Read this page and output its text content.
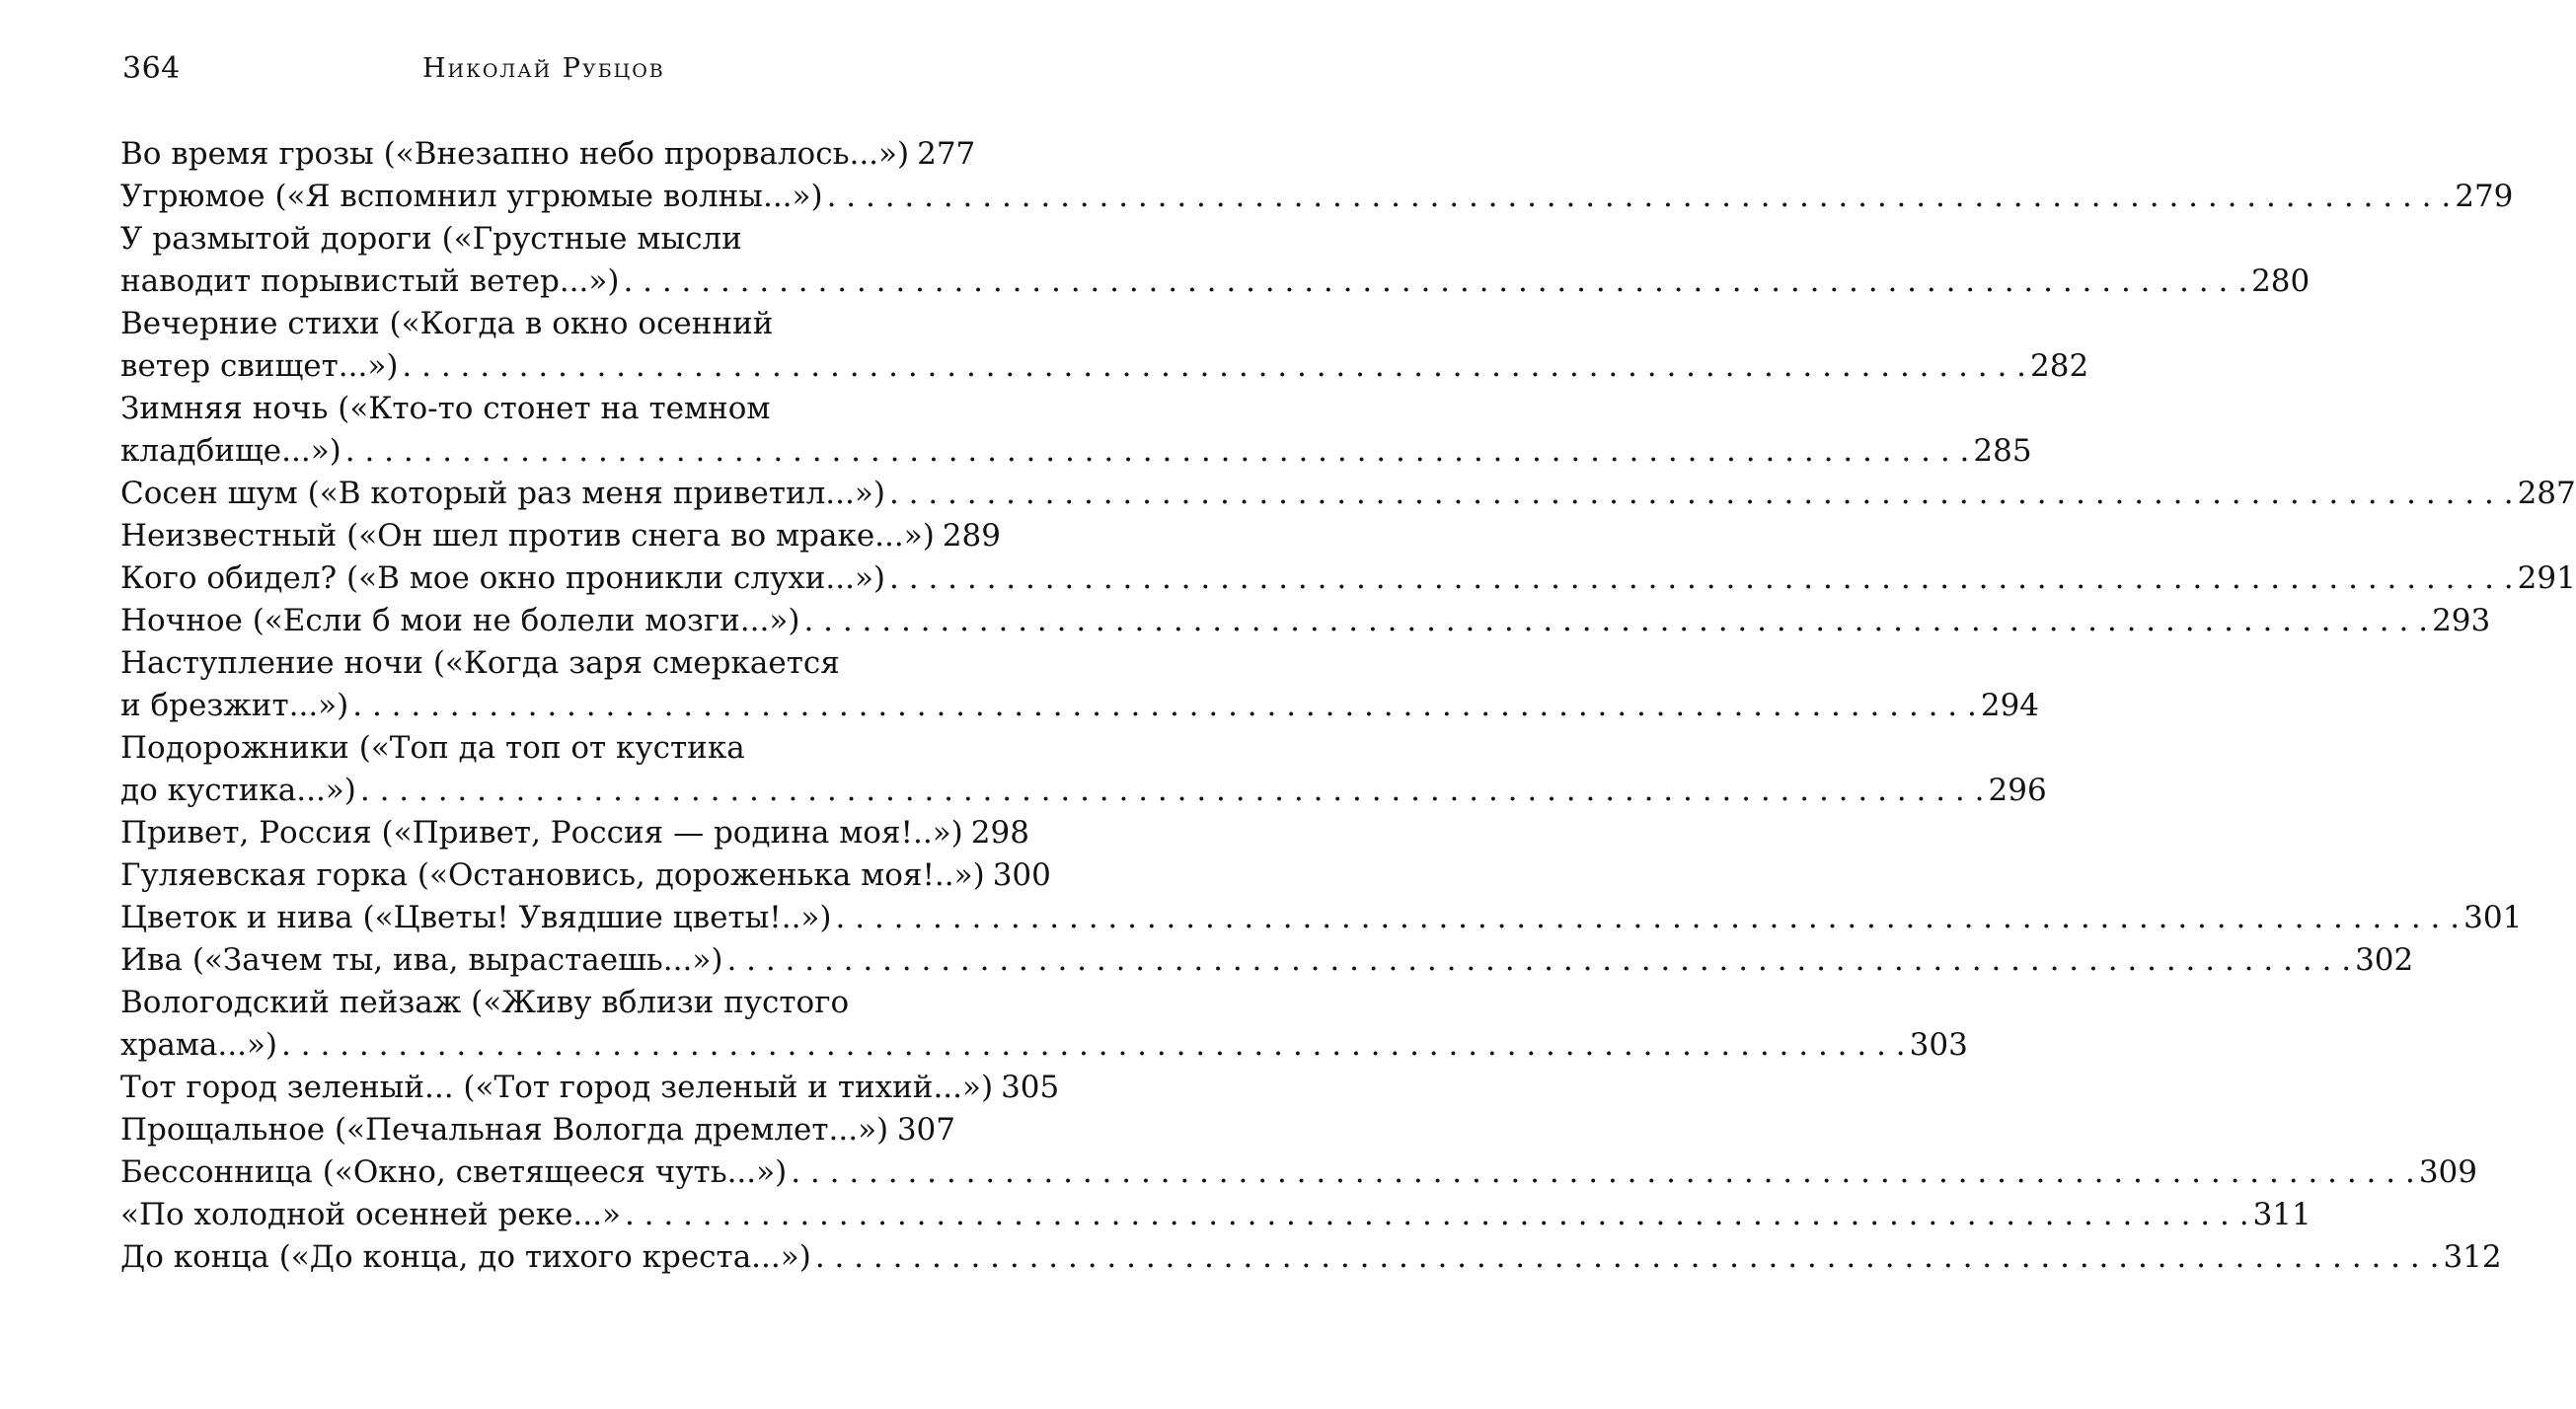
364	Николай Рубцов
Во время грозы («Внезапно небо прорвалось...») 277
Угрюмое («Я вспомнил угрюмые волны...») . . .	279
У размытой дороги («Грустные мысли
наводит порывистый ветер...») . . .	280
Вечерние стихи («Когда в окно осенний
ветер свищет...») . . .	282
Зимняя ночь («Кто-то стонет на темном
кладбище...») . . .	285
Сосен шум («В который раз меня приветил...») . . .	287
Неизвестный («Он шел против снега во мраке...») 289
Кого обидел? («В мое окно проникли слухи...») . . .	291
Ночное («Если б мои не болели мозги...») . . .	293
Наступление ночи («Когда заря смеркается
и брезжит...») . . .	294
Подорожники («Топ да топ от кустика
до кустика...») . . .	296
Привет, Россия («Привет, Россия — родина моя!..») 298
Гуляевская горка («Остановись, дороженька моя!..») 300
Цветок и нива («Цветы! Увядшие цветы!..») . . .	301
Ива («Зачем ты, ива, вырастаешь...») . . .	302
Вологодский пейзаж («Живу вблизи пустого
храма...») . . .	303
Тот город зеленый... («Тот город зеленый и тихий...») 305
Прощальное («Печальная Вологда дремлет...») . . . 307
Бессонница («Окно, светящееся чуть...») . . .	309
«По холодной осенней реке...» . . .	311
До конца («До конца, до тихого креста...») . . .	312
